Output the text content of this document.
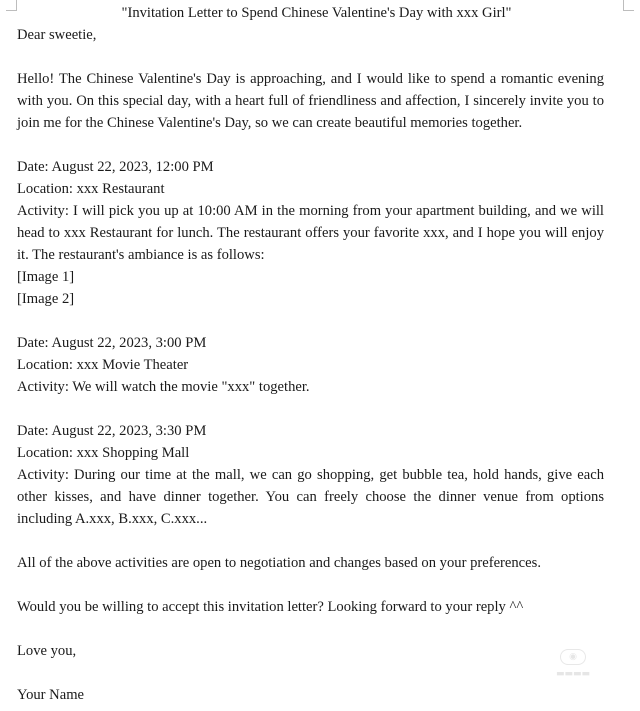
"Invitation Letter to Spend Chinese Valentine's Day with xxx Girl"

Dear sweetie,

Hello! The Chinese Valentine's Day is approaching, and I would like to spend a romantic evening with you. On this special day, with a heart full of friendliness and affection, I sincerely invite you to join me for the Chinese Valentine's Day, so we can create beautiful memories together.

Date: August 22, 2023, 12:00 PM

Location: xxx Restaurant

Activity: I will pick you up at 10:00 AM in the morning from your apartment building, and we will head to xxx Restaurant for lunch. The restaurant offers your favorite xxx, and I hope you will enjoy it. The restaurant's ambiance is as follows:

[Image 1]

[Image 2]

Date: August 22, 2023, 3:00 PM

Location: xxx Movie Theater

Activity: We will watch the movie "xxx" together.

Date: August 22, 2023, 3:30 PM

Location: xxx Shopping Mall

Activity: During our time at the mall, we can go shopping, get bubble tea, hold hands, give each other kisses, and have dinner together. You can freely choose the dinner venue from options including A.xxx, B.xxx, C.xxx...

All of the above activities are open to negotiation and changes based on your preferences.

Would you be willing to accept this invitation letter? Looking forward to your reply ^^

Love you,

Your Name

◉
▬▬▬▬
